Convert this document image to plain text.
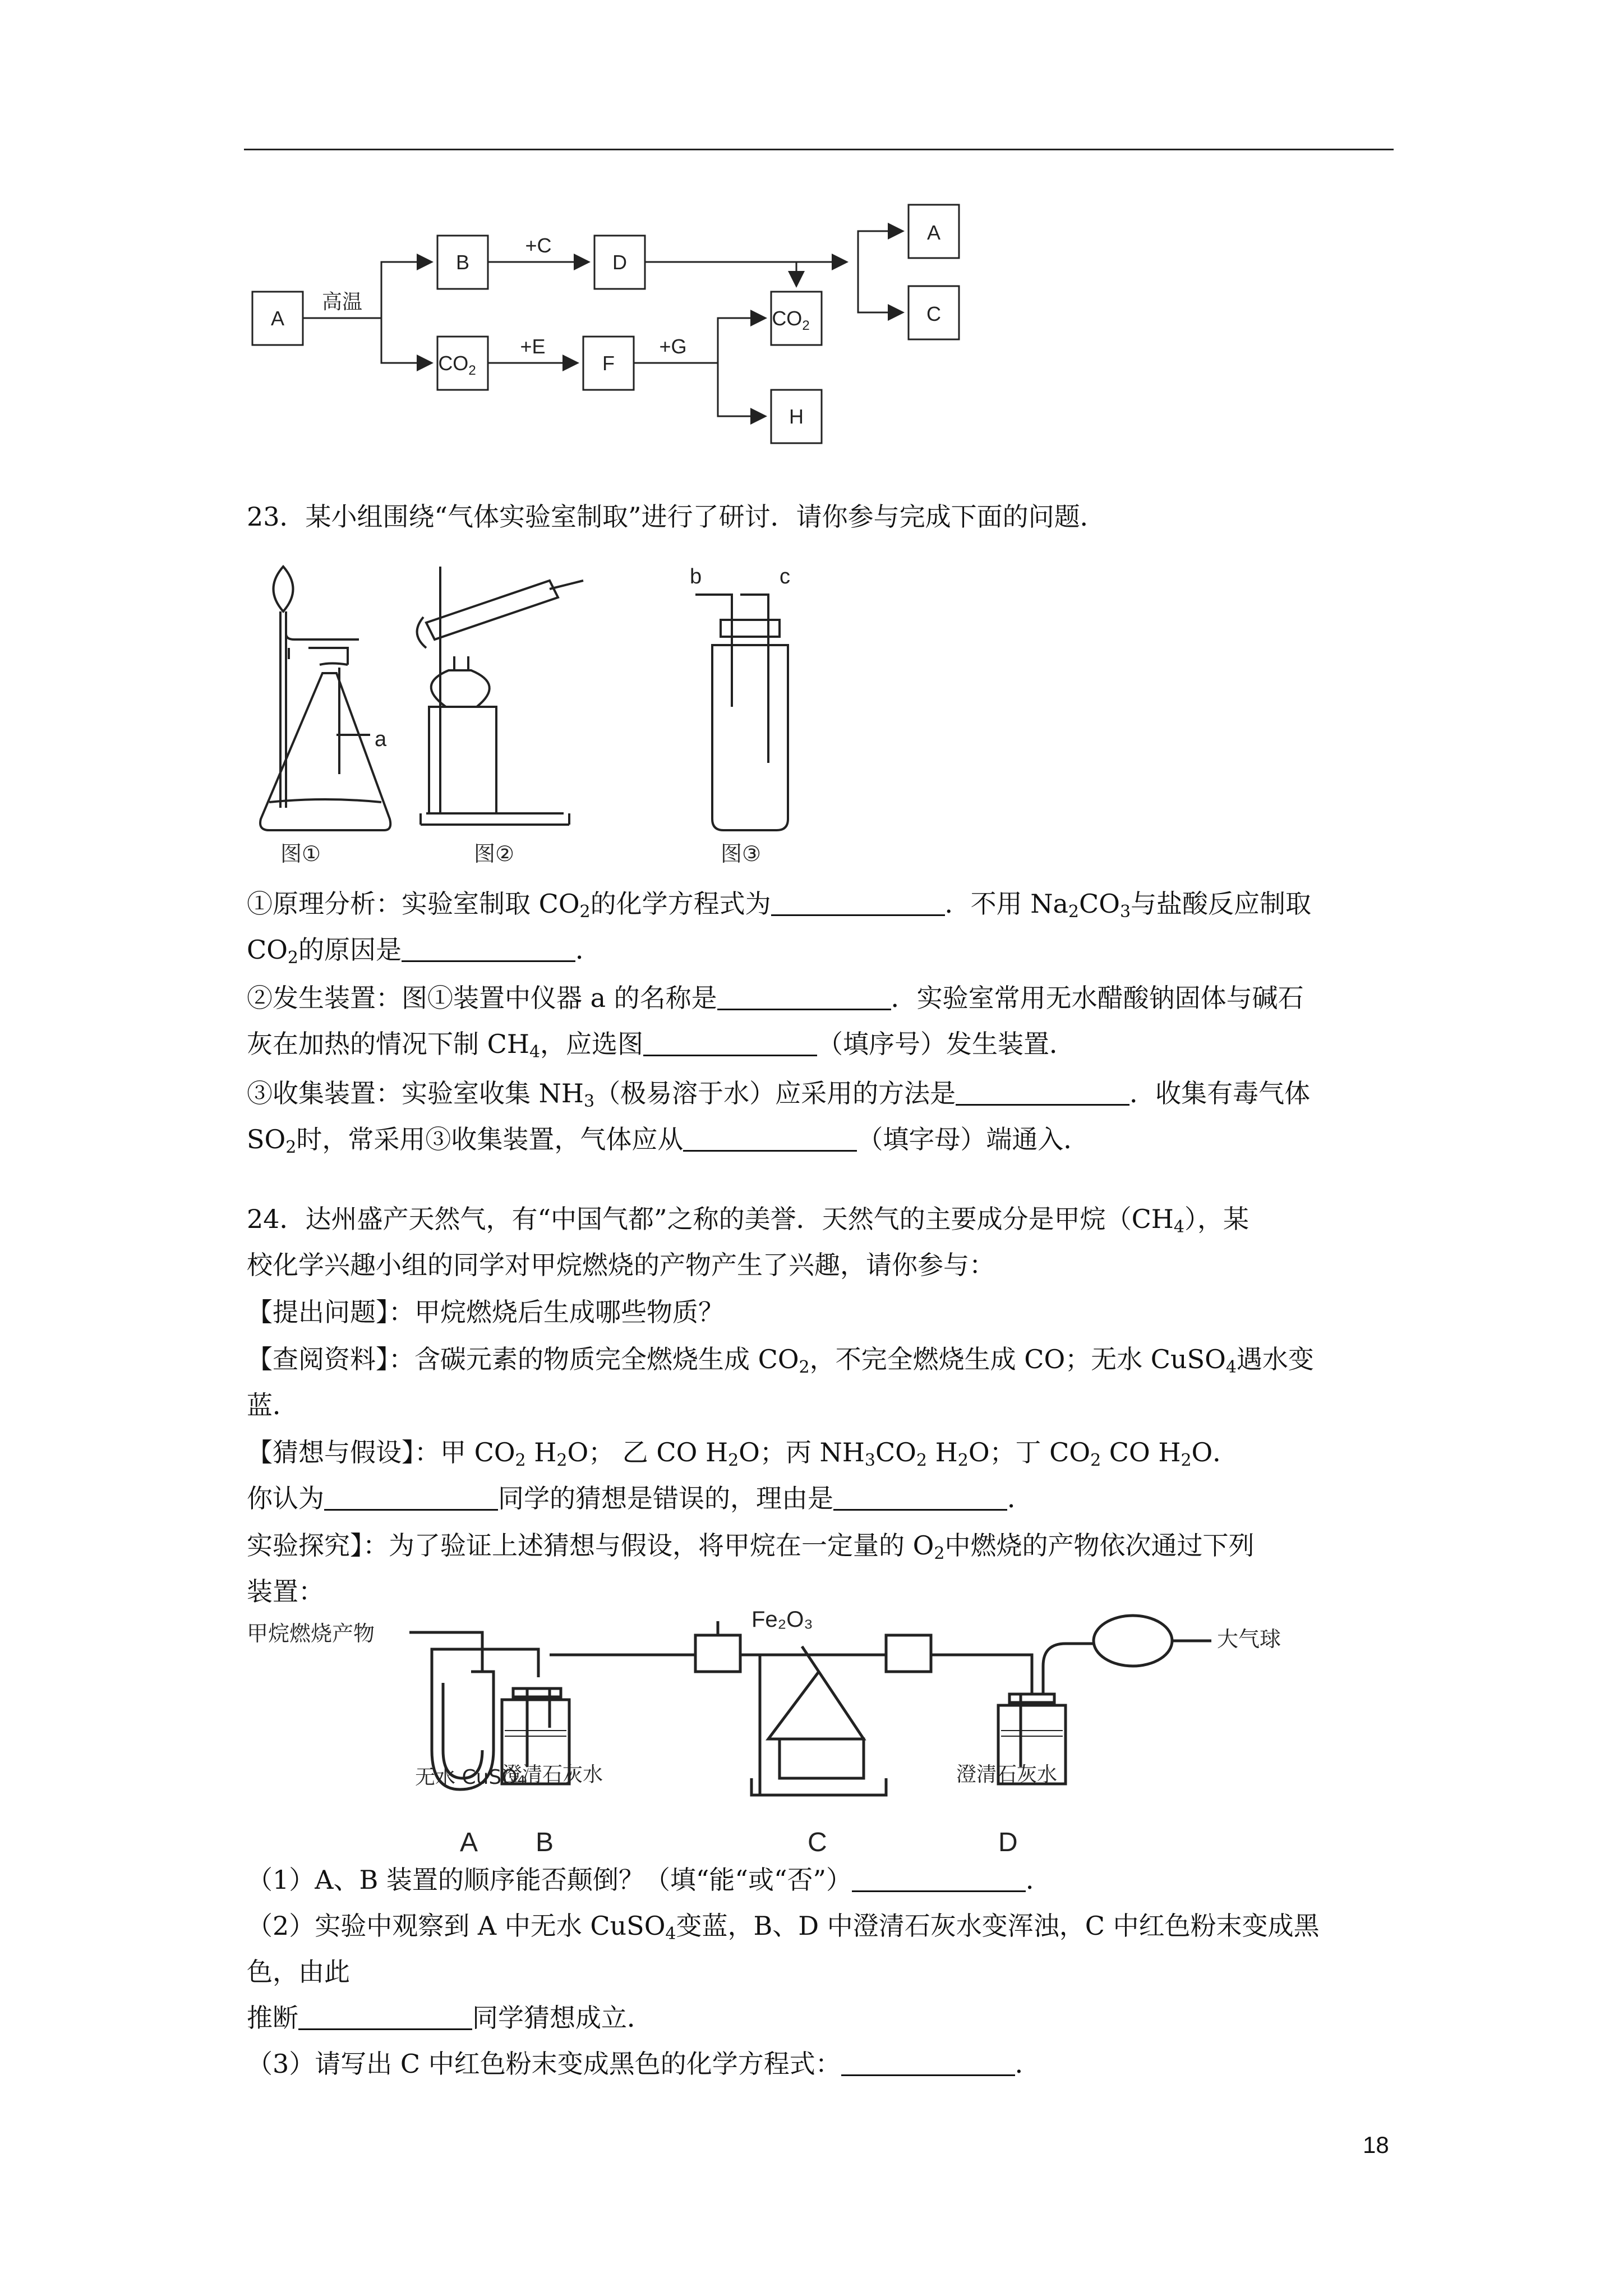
A
B	D
F
H
A
C
$CO_2$
$CO_2$
高温
+C
+E	+G
23．某小组围绕“气体实验室制取”进行了研讨．请你参与完成下面的问题．
a
b	c
图①	图②	图③
①原理分析：实验室制取 $CO_2$的化学方程式为	．不用 $Na_2CO_3$与盐酸反应制取
$CO_2$的原因是	．
②发生装置：图①装置中仪器 a 的名称是	．实验室常用无水醋酸钠固体与碱石
灰在加热的情况下制 $CH_4$，应选图	（填序号）发生装置．
③收集装置：实验室收集 $NH_3$（极易溶于水）应采用的方法是	．收集有毒气体
$SO_2$时，常采用③收集装置，气体应从	（填字母）端通入．
24．达州盛产天然气，有“中国气都”之称的美誉．天然气的主要成分是甲烷$(CH_4)$，某
校化学兴趣小组的同学对甲烷燃烧的产物产生了兴趣，请你参与：
【提出问题】：甲烷燃烧后生成哪些物质？
【查阅资料】：含碳元素的物质完全燃烧生成 $CO_2$，不完全燃烧生成 CO；无水 CuSO$_4$遇水变
蓝．
【猜想与假设】：甲 $CO_2$ $H_2O$； 乙 CO $H_2O$；丙 $NH_3CO_2$ $H_2O$；丁 $CO_2$ CO $H_2O$．
你认为	同学的猜想是错误的，理由是	．
实验探究】：为了验证上述猜想与假设，将甲烷在一定量的 $O_2$中燃烧的产物依次通过下列
装置：
甲烷燃烧产物
Fe₂O₃
大气球
无水 CuSO₄
澄清石灰水	澄清石灰水
A B	C	D
（1）A、B 装置的顺序能否颠倒？（填“能“或“否”）	．
（2）实验中观察到 A 中无水 CuSO$_4$变蓝，B、D 中澄清石灰水变浑浊，C 中红色粉末变成黑
色，由此
推断	同学猜想成立．
（3）请写出 C 中红色粉末变成黑色的化学方程式：	．
18
